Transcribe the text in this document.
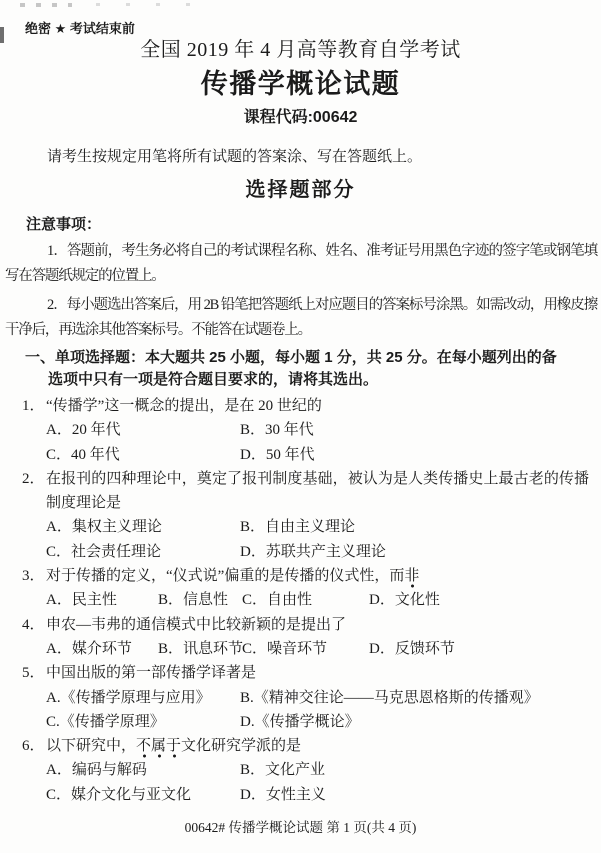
绝密 ★ 考试结束前
全国 2019 年 4 月高等教育自学考试
传播学概论试题
课程代码:00642

请考生按规定用笔将所有试题的答案涂、写在答题纸上。

选择题部分
注意事项：

1．答题前，考生务必将自己的考试课程名称、姓名、准考证号用黑色字迹的签字笔或钢笔填写在答题纸规定的位置上。

2．每小题选出答案后，用 2B 铅笔把答题纸上对应题目的答案标号涂黑。如需改动，用橡皮擦干净后，再选涂其他答案标号。不能答在试题卷上。

一、单项选择题：本大题共 25 小题，每小题 1 分，共 25 分。在每小题列出的备选项中只有一项是符合题目要求的，请将其选出。

1． “传播学”这一概念的提出，是在 20 世纪的

A．20 年代	B．30 年代
C．40 年代	D．50 年代
2． 在报刊的四种理论中，奠定了报刊制度基础，被认为是人类传播史上最古老的传播制度理论是

A．集权主义理论	B．自由主义理论
C．社会责任理论	D．苏联共产主义理论
3． 对于传播的定义，“仪式说”偏重的是传播的仪式性，而非

A．民主性	B．信息性 C．自由性	D．文化性
4． 申农—韦弗的通信模式中比较新颖的是提出了

A．媒介环节	B．讯息环节
C．噪音环节	D．反馈环节
5． 中国出版的第一部传播学译著是

A.《传播学原理与应用》	B.《精神交往论——马克思恩格斯的传播观》
C.《传播学原理》	D.《传播学概论》
6． 以下研究中，不属于文化研究学派的是

A．编码与解码	B．文化产业
C．媒介文化与亚文化	D．女性主义
00642# 传播学概论试题 第 1 页(共 4 页)
